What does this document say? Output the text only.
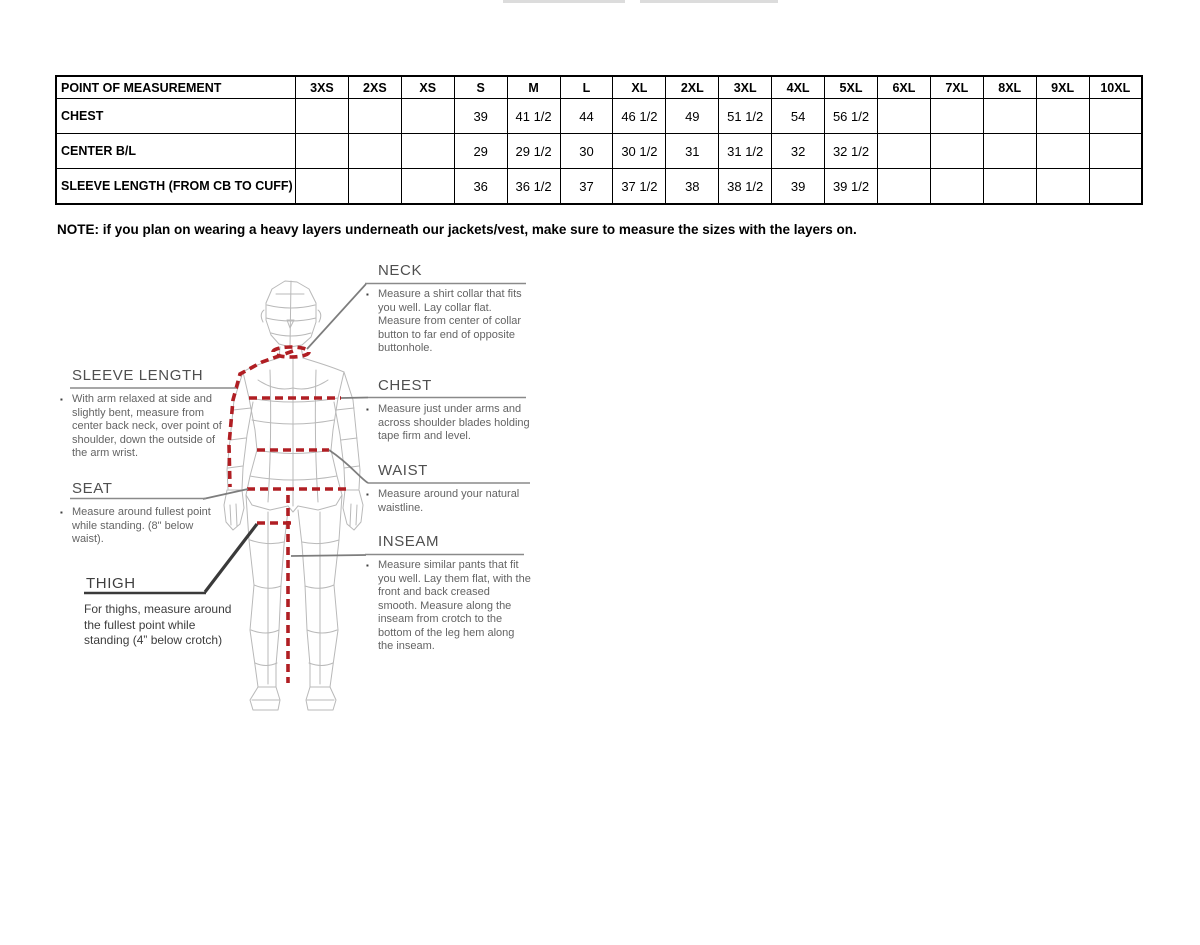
POINT OF MEASUREMENT	3XS	2XS	XS	S	M	L	XL	2XL	3XL	4XL	5XL	6XL	7XL	8XL	9XL	10XL
CHEST				39	41 1/2	44	46 1/2	49	51 1/2	54	56 1/2					
CENTER B/L				29	29 1/2	30	30 1/2	31	31 1/2	32	32 1/2					
SLEEVE LENGTH (FROM CB TO CUFF)				36	36 1/2	37	37 1/2	38	38 1/2	39	39 1/2					

NOTE: if you plan on wearing a heavy layers underneath our jackets/vest, make sure to measure the sizes with the layers on.

SLEEVE LENGTH
▪ With arm relaxed at side and slightly bent, measure from center back neck, over point of shoulder, down the outside of the arm wrist.
NECK
▪ Measure a shirt collar that fits you well. Lay collar flat. Measure from center of collar button to far end of opposite buttonhole.
CHEST
▪ Measure just under arms and across shoulder blades holding tape firm and level.
SEAT
▪ Measure around fullest point while standing. (8" below waist).
WAIST
▪ Measure around your natural waistline.
INSEAM
▪ Measure similar pants that fit you well. Lay them flat, with the front and back creased smooth. Measure along the inseam from crotch to the bottom of the leg hem along the inseam.
THIGH
For thighs, measure around the fullest point while standing (4” below crotch)
